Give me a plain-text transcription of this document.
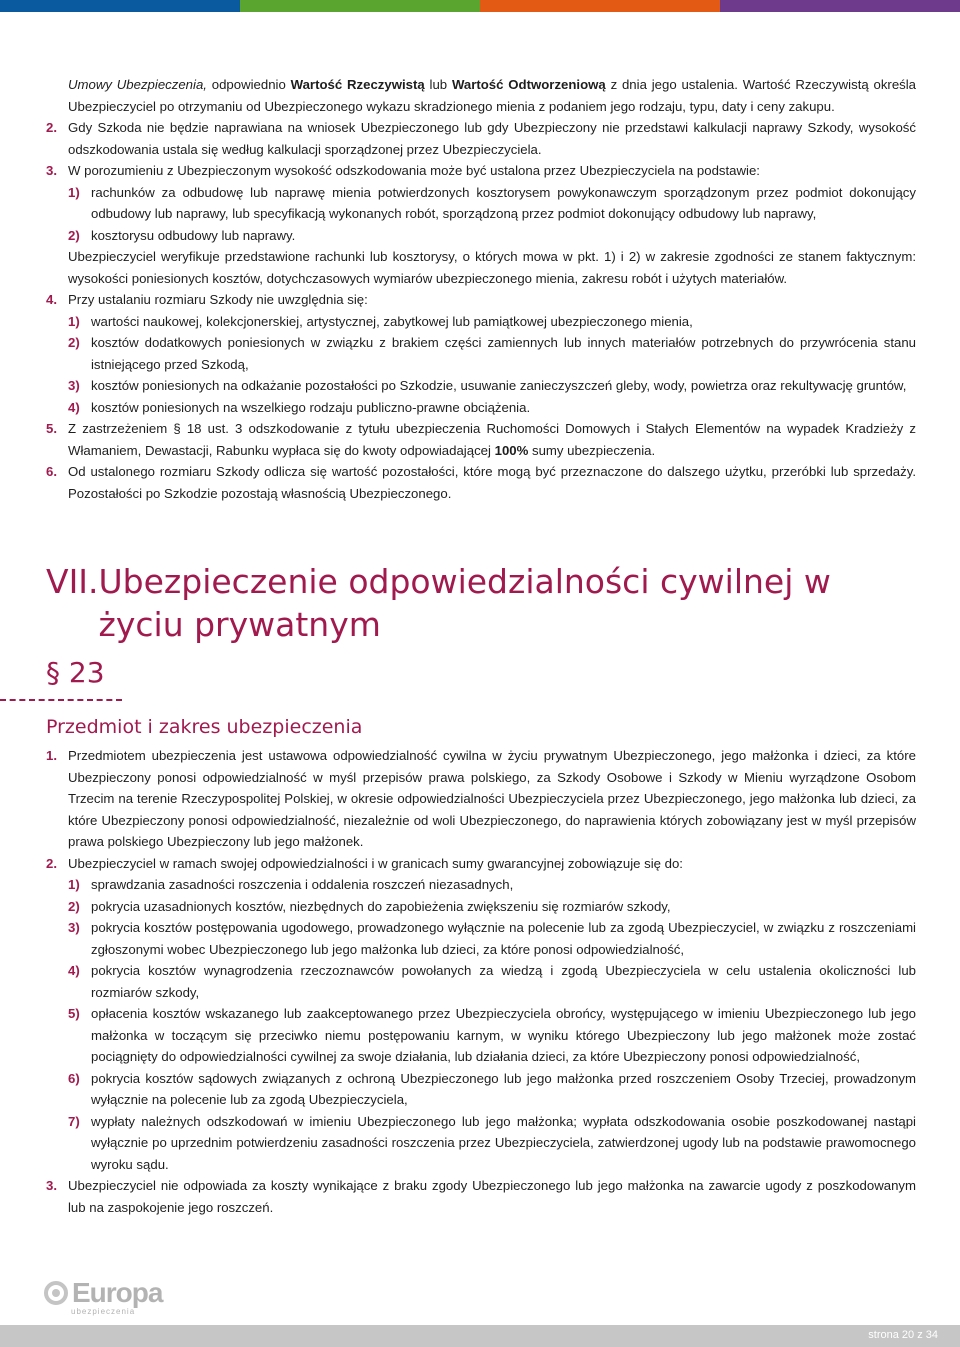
Umowy Ubezpieczenia, odpowiednio Wartość Rzeczywistą lub Wartość Odtworzeniową z dnia jego ustalenia. Wartość Rzeczywistą określa Ubezpieczyciel po otrzymaniu od Ubezpieczonego wykazu skradzionego mienia z podaniem jego rodzaju, typu, daty i ceny zakupu.
2. Gdy Szkoda nie będzie naprawiana na wniosek Ubezpieczonego lub gdy Ubezpieczony nie przedstawi kalkulacji naprawy Szkody, wysokość odszkodowania ustala się według kalkulacji sporządzonej przez Ubezpieczyciela.
3. W porozumieniu z Ubezpieczonym wysokość odszkodowania może być ustalona przez Ubezpieczyciela na podstawie:
1) rachunków za odbudowę lub naprawę mienia potwierdzonych kosztorysem powykonawczym sporządzonym przez podmiot dokonujący odbudowy lub naprawy, lub specyfikacją wykonanych robót, sporządzoną przez podmiot dokonujący odbudowy lub naprawy,
2) kosztorysu odbudowy lub naprawy.
Ubezpieczyciel weryfikuje przedstawione rachunki lub kosztorysy, o których mowa w pkt. 1) i 2) w zakresie zgodności ze stanem faktycznym: wysokości poniesionych kosztów, dotychczasowych wymiarów ubezpieczonego mienia, zakresu robót i użytych materiałów.
4. Przy ustalaniu rozmiaru Szkody nie uwzględnia się:
1) wartości naukowej, kolekcjonerskiej, artystycznej, zabytkowej lub pamiątkowej ubezpieczonego mienia,
2) kosztów dodatkowych poniesionych w związku z brakiem części zamiennych lub innych materiałów potrzebnych do przywrócenia stanu istniejącego przed Szkodą,
3) kosztów poniesionych na odkażanie pozostałości po Szkodzie, usuwanie zanieczyszczeń gleby, wody, powietrza oraz rekultywację gruntów,
4) kosztów poniesionych na wszelkiego rodzaju publiczno-prawne obciążenia.
5. Z zastrzeżeniem § 18 ust. 3 odszkodowanie z tytułu ubezpieczenia Ruchomości Domowych i Stałych Elementów na wypadek Kradzieży z Włamaniem, Dewastacji, Rabunku wypłaca się do kwoty odpowiadającej 100% sumy ubezpieczenia.
6. Od ustalonego rozmiaru Szkody odlicza się wartość pozostałości, które mogą być przeznaczone do dalszego użytku, przeróbki lub sprzedaży. Pozostałości po Szkodzie pozostają własnością Ubezpieczonego.
VII. Ubezpieczenie odpowiedzialności cywilnej w życiu prywatnym
§ 23
Przedmiot i zakres ubezpieczenia
1. Przedmiotem ubezpieczenia jest ustawowa odpowiedzialność cywilna w życiu prywatnym Ubezpieczonego, jego małżonka i dzieci, za które Ubezpieczony ponosi odpowiedzialność w myśl przepisów prawa polskiego, za Szkody Osobowe i Szkody w Mieniu wyrządzone Osobom Trzecim na terenie Rzeczypospolitej Polskiej, w okresie odpowiedzialności Ubezpieczyciela przez Ubezpieczonego, jego małżonka lub dzieci, za które Ubezpieczony ponosi odpowiedzialność, niezależnie od woli Ubezpieczonego, do naprawienia których zobowiązany jest w myśl przepisów prawa polskiego Ubezpieczony lub jego małżonek.
2. Ubezpieczyciel w ramach swojej odpowiedzialności i w granicach sumy gwarancyjnej zobowiązuje się do:
1) sprawdzania zasadności roszczenia i oddalenia roszczeń niezasadnych,
2) pokrycia uzasadnionych kosztów, niezbędnych do zapobieżenia zwiększeniu się rozmiarów szkody,
3) pokrycia kosztów postępowania ugodowego, prowadzonego wyłącznie na polecenie lub za zgodą Ubezpieczyciel, w związku z roszczeniami zgłoszonymi wobec Ubezpieczonego lub jego małżonka lub dzieci, za które ponosi odpowiedzialność,
4) pokrycia kosztów wynagrodzenia rzeczoznawców powołanych za wiedzą i zgodą Ubezpieczyciela w celu ustalenia okoliczności lub rozmiarów szkody,
5) opłacenia kosztów wskazanego lub zaakceptowanego przez Ubezpieczyciela obrońcy, występującego w imieniu Ubezpieczonego lub jego małżonka w toczącym się przeciwko niemu postępowaniu karnym, w wyniku którego Ubezpieczony lub jego małżonek może zostać pociągnięty do odpowiedzialności cywilnej za swoje działania, lub działania dzieci, za które Ubezpieczony ponosi odpowiedzialność,
6) pokrycia kosztów sądowych związanych z ochroną Ubezpieczonego lub jego małżonka przed roszczeniem Osoby Trzeciej, prowadzonym wyłącznie na polecenie lub za zgodą Ubezpieczyciela,
7) wypłaty należnych odszkodowań w imieniu Ubezpieczonego lub jego małżonka; wypłata odszkodowania osobie poszkodowanej nastąpi wyłącznie po uprzednim potwierdzeniu zasadności roszczenia przez Ubezpieczyciela, zatwierdzonej ugody lub na podstawie prawomocnego wyroku sądu.
3. Ubezpieczyciel nie odpowiada za koszty wynikające z braku zgody Ubezpieczonego lub jego małżonka na zawarcie ugody z poszkodowanym lub na zaspokojenie jego roszczeń.
Europa
ubezpieczenia
strona 20 z 34
